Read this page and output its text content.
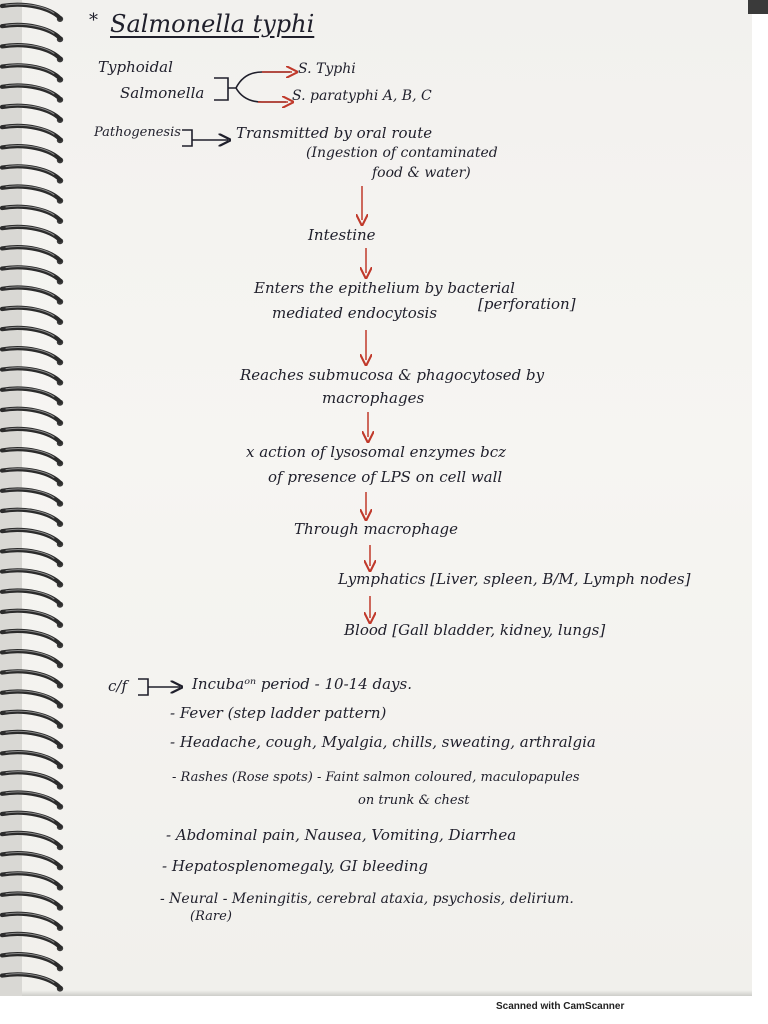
* Salmonella typhi
Typhoidal
Salmonella
S. Typhi
S. paratyphi A, B, C
Pathogenesis	Transmitted by oral route
(Ingestion of contaminated
food & water)
Intestine
Enters the epithelium by bacterial
mediated endocytosis	[perforation]
Reaches submucosa & phagocytosed by
macrophages
x action of lysosomal enzymes bcz
of presence of LPS on cell wall
Through macrophage
Lymphatics [Liver, spleen, B/M, Lymph nodes]
Blood [Gall bladder, kidney, lungs]
c/f	Incubaᵒⁿ period - 10-14 days.
- Fever (step ladder pattern)
- Headache, cough, Myalgia, chills, sweating, arthralgia
- Rashes (Rose spots) - Faint salmon coloured, maculopapules
on trunk & chest
- Abdominal pain, Nausea, Vomiting, Diarrhea
- Hepatosplenomegaly, GI bleeding
- Neural - Meningitis, cerebral ataxia, psychosis, delirium.
(Rare)
Scanned with CamScanner
